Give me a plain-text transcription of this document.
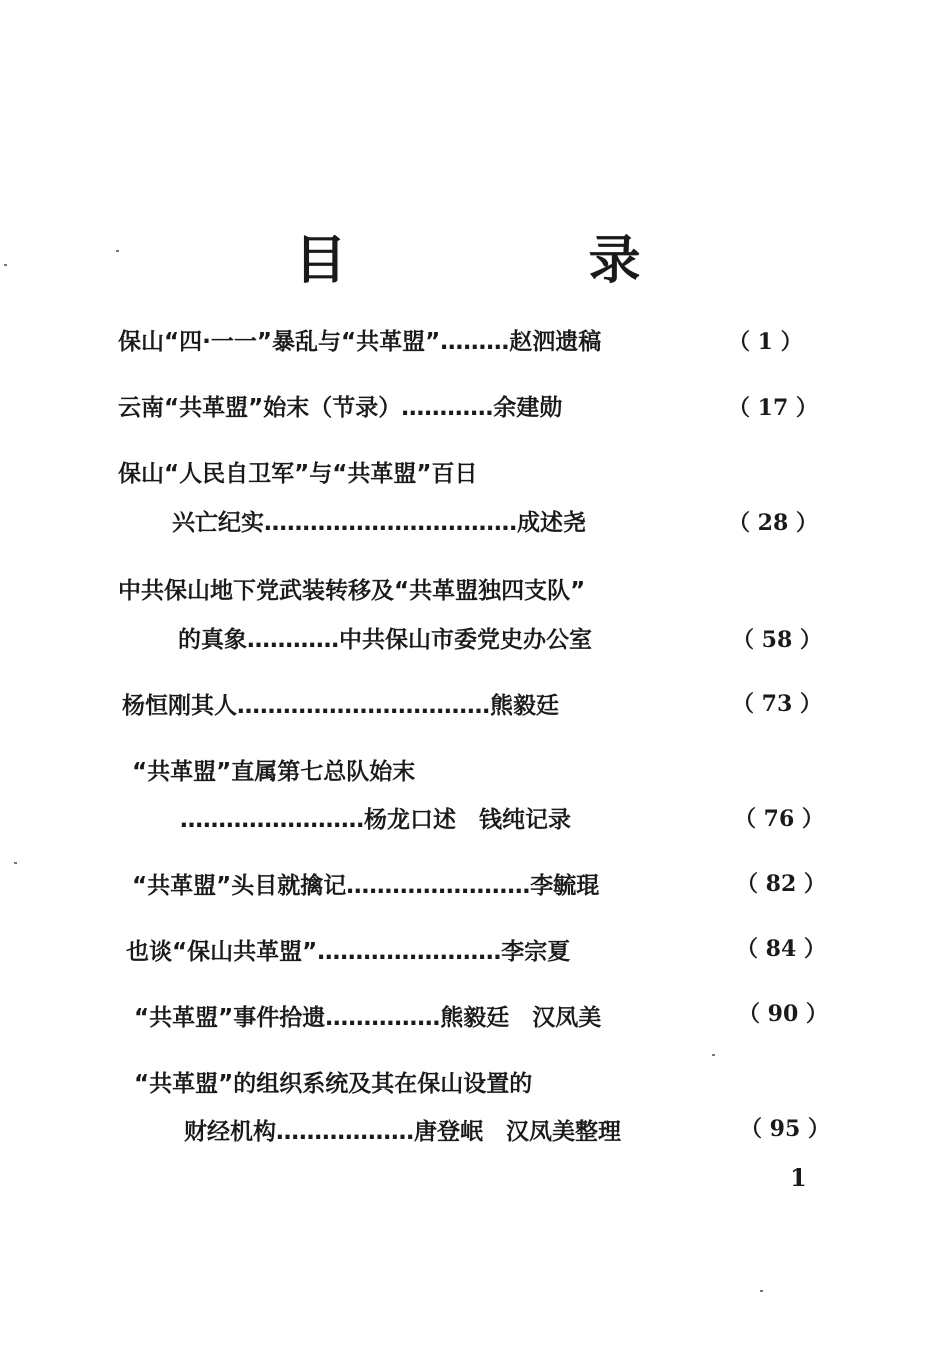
目　录
保山“四·一一”暴乱与“共革盟”………赵泗遗稿	（ 1 ）
云南“共革盟”始末（节录）…………余建勋	（ 17 ）
保山“人民自卫军”与“共革盟”百日
兴亡纪实……………………………成述尧	（ 28 ）
中共保山地下党武装转移及“共革盟独四支队”
的真象…………中共保山市委党史办公室	（ 58 ）
杨恒刚其人……………………………熊毅廷	（ 73 ）
“共革盟”直属第七总队始末
……………………杨龙口述　钱纯记录	（ 76 ）
“共革盟”头目就擒记……………………李毓琨	（ 82 ）
也谈“保山共革盟”……………………李宗夏	（ 84 ）
“共革盟”事件拾遗……………熊毅廷　汉凤美	（ 90 ）
“共革盟”的组织系统及其在保山设置的
财经机构………………唐登岷　汉凤美整理	（ 95 ）
1
